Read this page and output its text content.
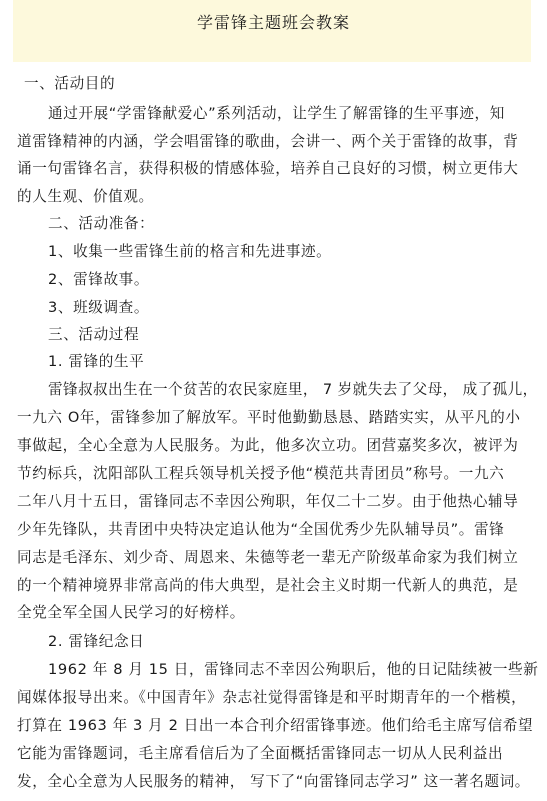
学雷锋主题班会教案
一、活动目的
通过开展“学雷锋献爱心”系列活动，让学生了解雷锋的生平事迹，知
道雷锋精神的内涵，学会唱雷锋的歌曲，会讲一、两个关于雷锋的故事，背
诵一句雷锋名言，获得积极的情感体验，培养自己良好的习惯，树立更伟大
的人生观、价值观。
二、活动准备：
1、收集一些雷锋生前的格言和先进事迹。
2、雷锋故事。
3、班级调查。
三、活动过程
1. 雷锋的生平
雷锋叔叔出生在一个贫苦的农民家庭里， 7 岁就失去了父母， 成了孤儿，
一九六 O年，雷锋参加了解放军。平时他勤勤恳恳、踏踏实实，从平凡的小
事做起，全心全意为人民服务。为此，他多次立功。团营嘉奖多次，被评为
节约标兵，沈阳部队工程兵领导机关授予他“模范共青团员”称号。一九六
二年八月十五日，雷锋同志不幸因公殉职，年仅二十二岁。由于他热心辅导
少年先锋队，共青团中央特决定追认他为“全国优秀少先队辅导员”。雷锋
同志是毛泽东、刘少奇、周恩来、朱德等老一辈无产阶级革命家为我们树立
的一个精神境界非常高尚的伟大典型，是社会主义时期一代新人的典范，是
全党全军全国人民学习的好榜样。
2. 雷锋纪念日
1962 年 8 月 15 日，雷锋同志不幸因公殉职后，他的日记陆续被一些新
闻媒体报导出来。《中国青年》杂志社觉得雷锋是和平时期青年的一个楷模，
打算在 1963 年 3 月 2 日出一本合刊介绍雷锋事迹。他们给毛主席写信希望
它能为雷锋题词，毛主席看信后为了全面概括雷锋同志一切从人民利益出
发，全心全意为人民服务的精神， 写下了“向雷锋同志学习” 这一著名题词。
